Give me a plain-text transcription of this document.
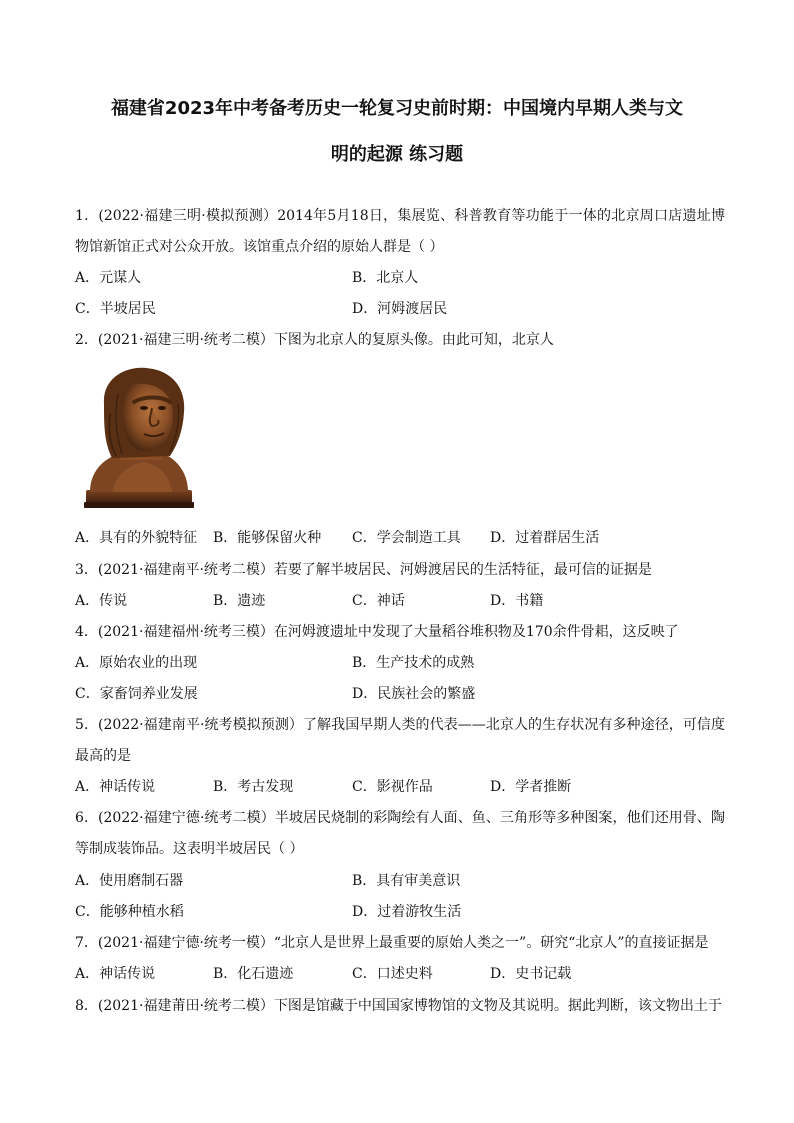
福建省2023年中考备考历史一轮复习史前时期：中国境内早期人类与文
明的起源 练习题
1．(2022·福建三明·模拟预测）2014年5月18日，集展览、科普教育等功能于一体的北京周口店遗址博物馆新馆正式对公众开放。该馆重点介绍的原始人群是（ ）
A．元谋人	B．北京人
C．半坡居民	D．河姆渡居民
2．(2021·福建三明·统考二模）下图为北京人的复原头像。由此可知，北京人
A．具有的外貌特征 B．能够保留火种 C．学会制造工具 D．过着群居生活
3．(2021·福建南平·统考二模）若要了解半坡居民、河姆渡居民的生活特征，最可信的证据是
A．传说	B．遗迹	C．神话	D．书籍
4．(2021·福建福州·统考三模）在河姆渡遗址中发现了大量稻谷堆积物及170余件骨耜，这反映了
A．原始农业的出现	B．生产技术的成熟
C．家畜饲养业发展	D．民族社会的繁盛
5．(2022·福建南平·统考模拟预测）了解我国早期人类的代表——北京人的生存状况有多种途径，可信度最高的是
A．神话传说	B．考古发现	C．影视作品	D．学者推断
6．(2022·福建宁德·统考二模）半坡居民烧制的彩陶绘有人面、鱼、三角形等多种图案，他们还用骨、陶等制成装饰品。这表明半坡居民（ ）
A．使用磨制石器	B．具有审美意识
C．能够种植水稻	D．过着游牧生活
7．(2021·福建宁德·统考一模）“北京人是世界上最重要的原始人类之一”。研究“北京人”的直接证据是
A．神话传说	B．化石遗迹	C．口述史料	D．史书记载
8．(2021·福建莆田·统考二模）下图是馆藏于中国国家博物馆的文物及其说明。据此判断，该文物出土于
